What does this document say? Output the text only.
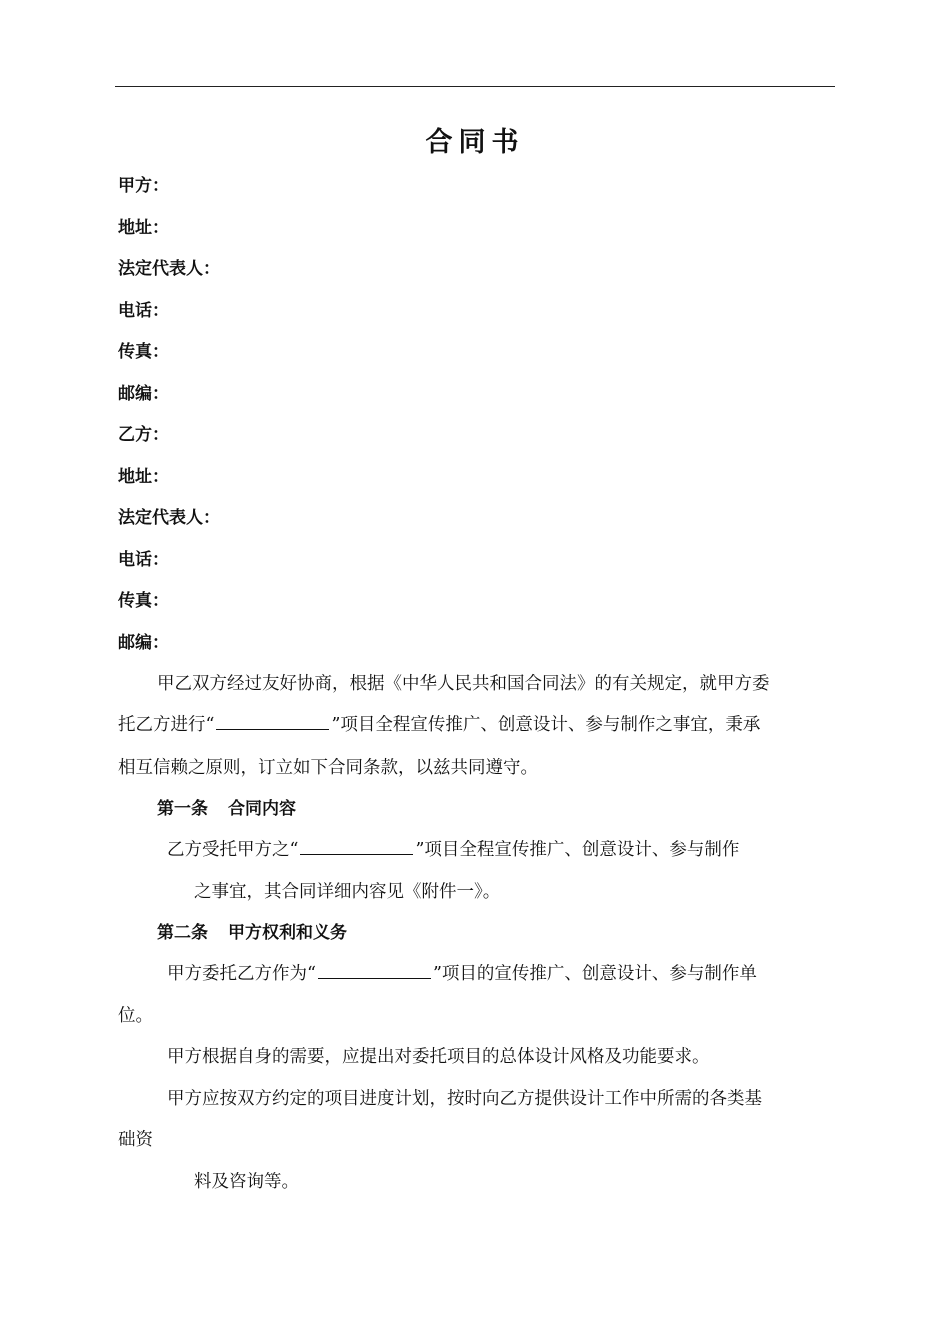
合同书
甲方：
地址：
法定代表人：
电话：
传真：
邮编：
乙方：
地址：
法定代表人：
电话：
传真：
邮编：
甲乙双方经过友好协商，根据《中华人民共和国合同法》的有关规定，就甲方委
托乙方进行“	”项目全程宣传推广、创意设计、参与制作之事宜，秉承
相互信赖之原则，订立如下合同条款，以兹共同遵守。
第一条 合同内容
乙方受托甲方之“	”项目全程宣传推广、创意设计、参与制作
之事宜，其合同详细内容见《附件一》。
第二条 甲方权利和义务
甲方委托乙方作为“	”项目的宣传推广、创意设计、参与制作单
位。
甲方根据自身的需要，应提出对委托项目的总体设计风格及功能要求。
甲方应按双方约定的项目进度计划，按时向乙方提供设计工作中所需的各类基
础资
料及咨询等。
